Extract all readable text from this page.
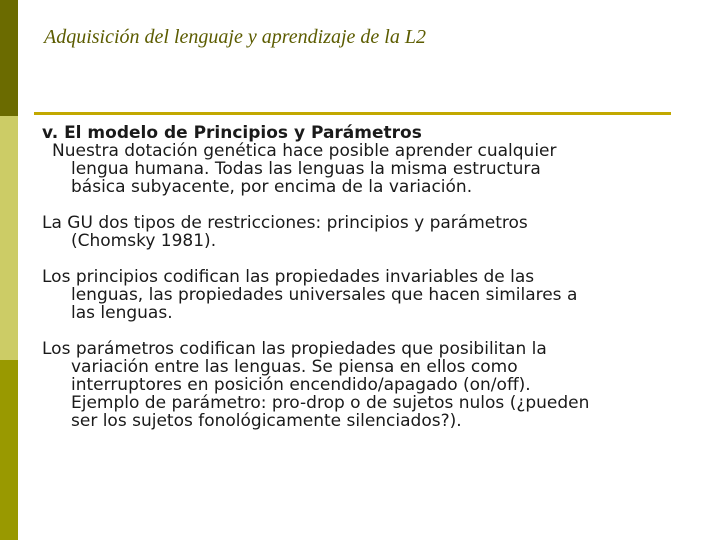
Adquisición del lenguaje y aprendizaje de la L2

v. El modelo de Principios y Parámetros

Nuestra dotación genética hace posible aprender cualquier
lengua humana. Todas las lenguas la misma estructura
básica subyacente, por encima de la variación.
La GU dos tipos de restricciones: principios y parámetros
(Chomsky 1981).
Los principios codifican las propiedades invariables de las
lenguas, las propiedades universales que hacen similares a
las lenguas.
Los parámetros codifican las propiedades que posibilitan la
variación entre las lenguas. Se piensa en ellos como
interruptores en posición encendido/apagado (on/off).
Ejemplo de parámetro: pro-drop o de sujetos nulos (¿pueden
ser los sujetos fonológicamente silenciados?).
